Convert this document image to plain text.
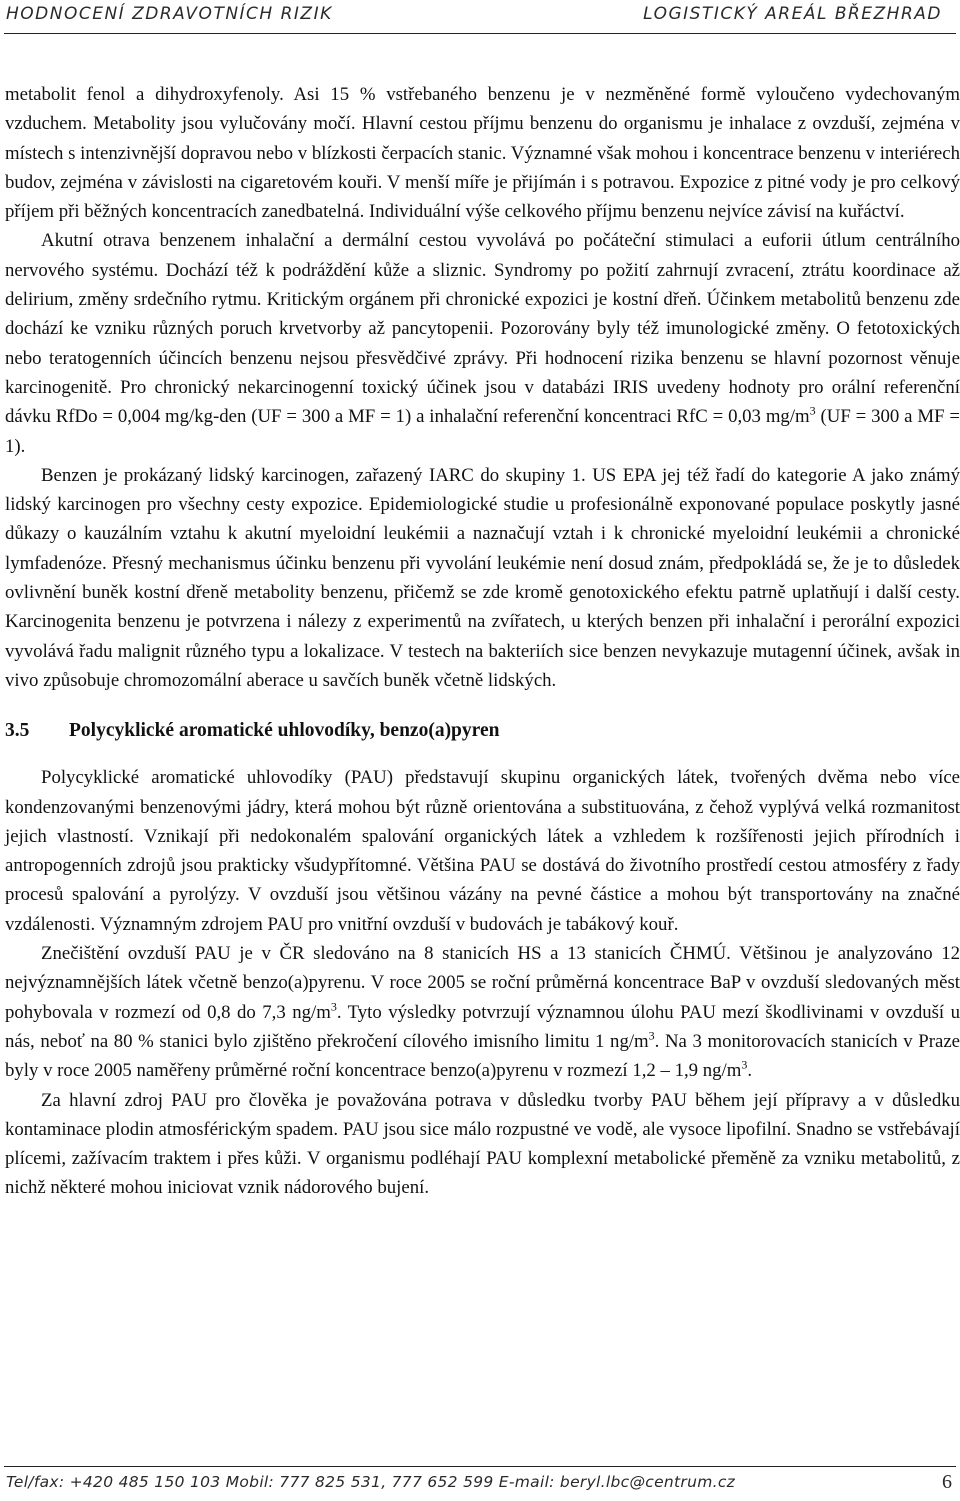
HODNOCENÍ ZDRAVOTNÍCH RIZIK	LOGISTICKÝ AREÁL BŘEZHRAD

metabolit fenol a dihydroxyfenoly. Asi 15 % vstřebaného benzenu je v nezměněné formě vyloučeno vydechovaným vzduchem. Metabolity jsou vylučovány močí. Hlavní cestou příjmu benzenu do organismu je inhalace z ovzduší, zejména v místech s intenzivnější dopravou nebo v blízkosti čerpacích stanic. Významné však mohou i koncentrace benzenu v interiérech budov, zejména v závislosti na cigaretovém kouři. V menší míře je přijímán i s potravou. Expozice z pitné vody je pro celkový příjem při běžných koncentracích zanedbatelná. Individuální výše celkového příjmu benzenu nejvíce závisí na kuřáctví.

Akutní otrava benzenem inhalační a dermální cestou vyvolává po počáteční stimulaci a euforii útlum centrálního nervového systému. Dochází též k podráždění kůže a sliznic. Syndromy po požití zahrnují zvracení, ztrátu koordinace až delirium, změny srdečního rytmu. Kritickým orgánem při chronické expozici je kostní dřeň. Účinkem metabolitů benzenu zde dochází ke vzniku různých poruch krvetvorby až pancytopenii. Pozorovány byly též imunologické změny. O fetotoxických nebo teratogenních účincích benzenu nejsou přesvědčivé zprávy. Při hodnocení rizika benzenu se hlavní pozornost věnuje karcinogenitě. Pro chronický nekarcinogenní toxický účinek jsou v databázi IRIS uvedeny hodnoty pro orální referenční dávku RfDo = 0,004 mg/kg-den (UF = 300 a MF = 1) a inhalační referenční koncentraci RfC = 0,03 $mg/m^3$ (UF = 300 a MF = 1).

Benzen je prokázaný lidský karcinogen, zařazený IARC do skupiny 1. US EPA jej též řadí do kategorie A jako známý lidský karcinogen pro všechny cesty expozice. Epidemiologické studie u profesionálně exponované populace poskytly jasné důkazy o kauzálním vztahu k akutní myeloidní leukémii a naznačují vztah i k chronické myeloidní leukémii a chronické lymfadenóze. Přesný mechanismus účinku benzenu při vyvolání leukémie není dosud znám, předpokládá se, že je to důsledek ovlivnění buněk kostní dřeně metabolity benzenu, přičemž se zde kromě genotoxického efektu patrně uplatňují i další cesty. Karcinogenita benzenu je potvrzena i nálezy z experimentů na zvířatech, u kterých benzen při inhalační i perorální expozici vyvolává řadu malignit různého typu a lokalizace. V testech na bakteriích sice benzen nevykazuje mutagenní účinek, avšak in vivo způsobuje chromozomální aberace u savčích buněk včetně lidských.

3.5 Polycyklické aromatické uhlovodíky, benzo(a)pyren

Polycyklické aromatické uhlovodíky (PAU) představují skupinu organických látek, tvořených dvěma nebo více kondenzovanými benzenovými jádry, která mohou být různě orientována a substituována, z čehož vyplývá velká rozmanitost jejich vlastností. Vznikají při nedokonalém spalování organických látek a vzhledem k rozšířenosti jejich přírodních i antropogenních zdrojů jsou prakticky všudypřítomné. Většina PAU se dostává do životního prostředí cestou atmosféry z řady procesů spalování a pyrolýzy. V ovzduší jsou většinou vázány na pevné částice a mohou být transportovány na značné vzdálenosti. Významným zdrojem PAU pro vnitřní ovzduší v budovách je tabákový kouř.

Znečištění ovzduší PAU je v ČR sledováno na 8 stanicích HS a 13 stanicích ČHMÚ. Většinou je analyzováno 12 nejvýznamnějších látek včetně benzo(a)pyrenu. V roce 2005 se roční průměrná koncentrace BaP v ovzduší sledovaných měst pohybovala v rozmezí od 0,8 do 7,3 $ng/m^3$. Tyto výsledky potvrzují významnou úlohu PAU mezí škodlivinami v ovzduší u nás, neboť na 80 % stanici bylo zjištěno překročení cílového imisního limitu 1 $ng/m^3$. Na 3 monitorovacích stanicích v Praze byly v roce 2005 naměřeny průměrné roční koncentrace benzo(a)pyrenu v rozmezí 1,2 – 1,9 $ng/m^3$.

Za hlavní zdroj PAU pro člověka je považována potrava v důsledku tvorby PAU během její přípravy a v důsledku kontaminace plodin atmosférickým spadem. PAU jsou sice málo rozpustné ve vodě, ale vysoce lipofilní. Snadno se vstřebávají plícemi, zažívacím traktem i přes kůži. V organismu podléhají PAU komplexní metabolické přeměně za vzniku metabolitů, z nichž některé mohou iniciovat vznik nádorového bujení.

Tel/fax: +420 485 150 103 Mobil: 777 825 531, 777 652 599 E-mail: beryl.lbc@centrum.cz	6
